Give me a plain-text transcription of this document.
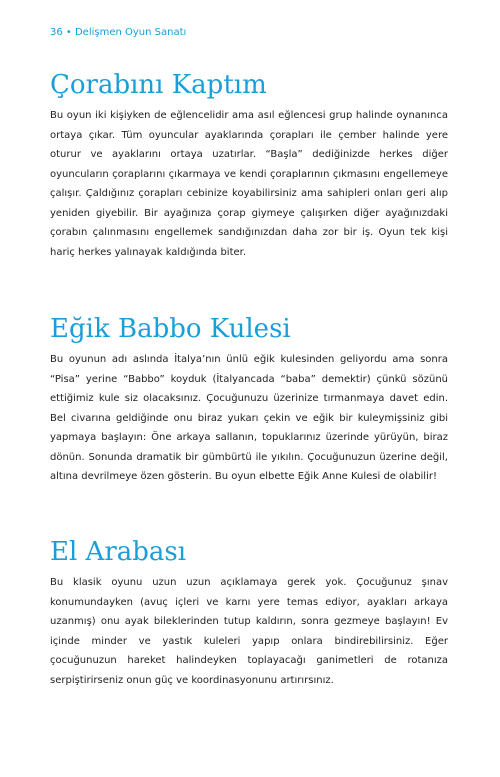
36 • Delişmen Oyun Sanatı
Çorabını Kaptım

Bu oyun iki kişiyken de eğlencelidir ama asıl eğlencesi grup halinde oynanınca ortaya çıkar. Tüm oyuncular ayaklarında çorapları ile çember halinde yere oturur ve ayaklarını ortaya uzatırlar. “Başla” dediğinizde herkes diğer oyuncuların çoraplarını çıkarmaya ve kendi çoraplarının çıkmasını engellemeye çalışır. Çaldığınız çorapları cebinize koyabilirsiniz ama sahipleri onları geri alıp yeniden giyebilir. Bir ayağınıza çorap giymeye çalışırken diğer ayağınızdaki çorabın çalınmasını engellemek sandığınızdan daha zor bir iş. Oyun tek kişi hariç herkes yalınayak kaldığında biter.

Eğik Babbo Kulesi

Bu oyunun adı aslında İtalya’nın ünlü eğik kulesinden geliyordu ama sonra “Pisa” yerine “Babbo” koyduk (İtalyancada “baba” demektir) çünkü sözünü ettiğimiz kule siz olacaksınız. Çocuğunuzu üzerinize tırmanmaya davet edin. Bel civarına geldiğinde onu biraz yukarı çekin ve eğik bir kuleymişsiniz gibi yapmaya başlayın: Öne arkaya sallanın, topuklarınız üzerinde yürüyün, biraz dönün. Sonunda dramatik bir gümbürtü ile yıkılın. Çocuğunuzun üzerine değil, altına devrilmeye özen gösterin. Bu oyun elbette Eğik Anne Kulesi de olabilir!

El Arabası

Bu klasik oyunu uzun uzun açıklamaya gerek yok. Çocuğunuz şınav konumundayken (avuç içleri ve karnı yere temas ediyor, ayakları arkaya uzanmış) onu ayak bileklerinden tutup kaldırın, sonra gezmeye başlayın! Ev içinde minder ve yastık kuleleri yapıp onlara bindirebilirsiniz. Eğer çocuğunuzun hareket halindeyken toplayacağı ganimetleri de rotanıza serpiştirirseniz onun güç ve koordinasyonunu artırırsınız.
